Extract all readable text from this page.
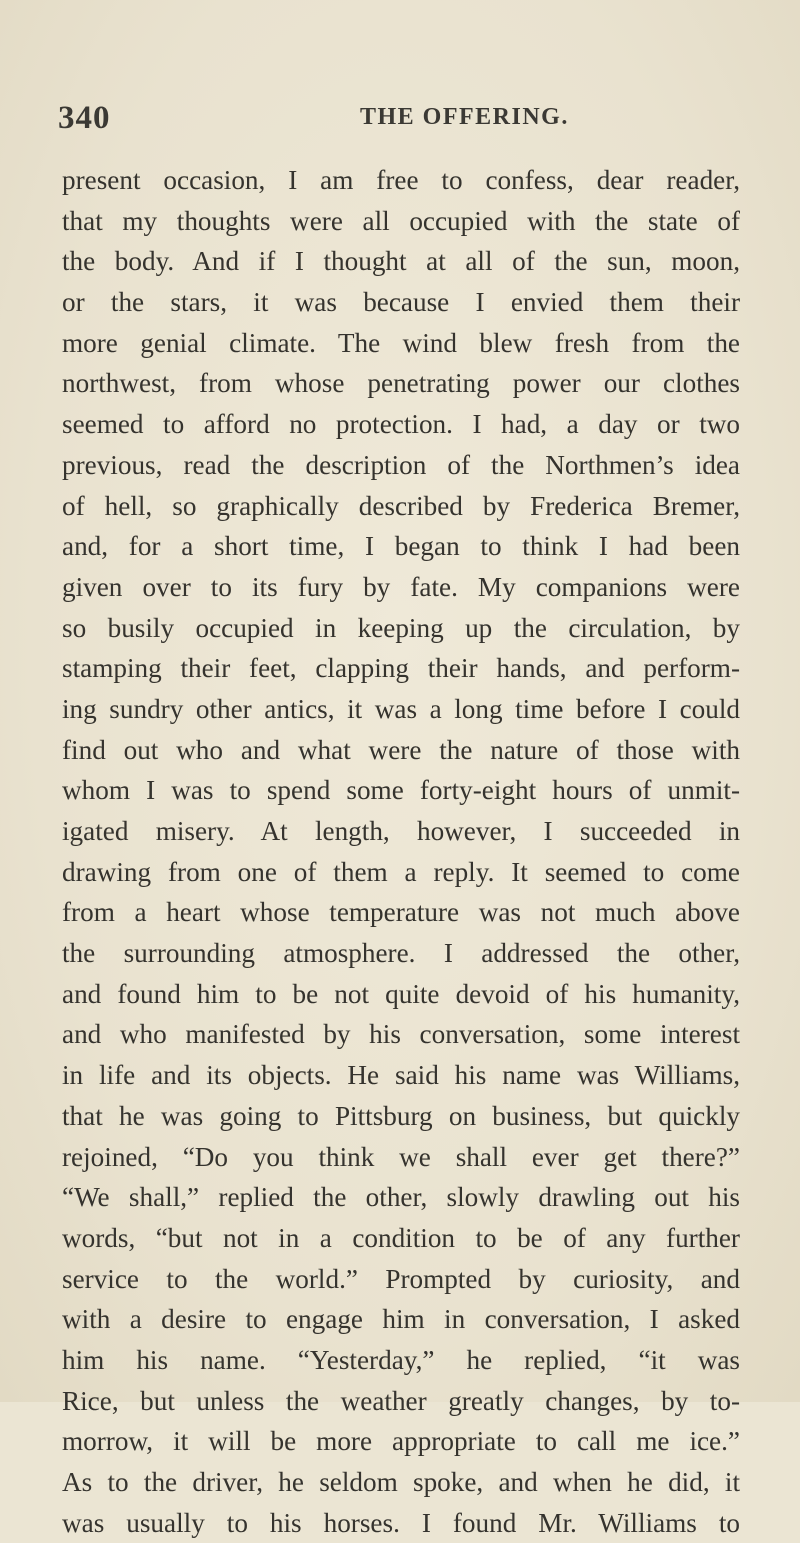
340	THE OFFERING.
present occasion, I am free to confess, dear reader,
that my thoughts were all occupied with the state of
the body. And if I thought at all of the sun, moon,
or the stars, it was because I envied them their
more genial climate. The wind blew fresh from the
northwest, from whose penetrating power our clothes
seemed to afford no protection. I had, a day or two
previous, read the description of the Northmen’s idea
of hell, so graphically described by Frederica Bremer,
and, for a short time, I began to think I had been
given over to its fury by fate. My companions were
so busily occupied in keeping up the circulation, by
stamping their feet, clapping their hands, and perform-
ing sundry other antics, it was a long time before I could
find out who and what were the nature of those with
whom I was to spend some forty-eight hours of unmit-
igated misery. At length, however, I succeeded in
drawing from one of them a reply. It seemed to come
from a heart whose temperature was not much above
the surrounding atmosphere. I addressed the other,
and found him to be not quite devoid of his humanity,
and who manifested by his conversation, some interest
in life and its objects. He said his name was Williams,
that he was going to Pittsburg on business, but quickly
rejoined, “Do you think we shall ever get there?”
“We shall,” replied the other, slowly drawling out his
words, “but not in a condition to be of any further
service to the world.” Prompted by curiosity, and
with a desire to engage him in conversation, I asked
him his name. “Yesterday,” he replied, “it was
Rice, but unless the weather greatly changes, by to-
morrow, it will be more appropriate to call me ice.”
As to the driver, he seldom spoke, and when he did, it
was usually to his horses. I found Mr. Williams to
